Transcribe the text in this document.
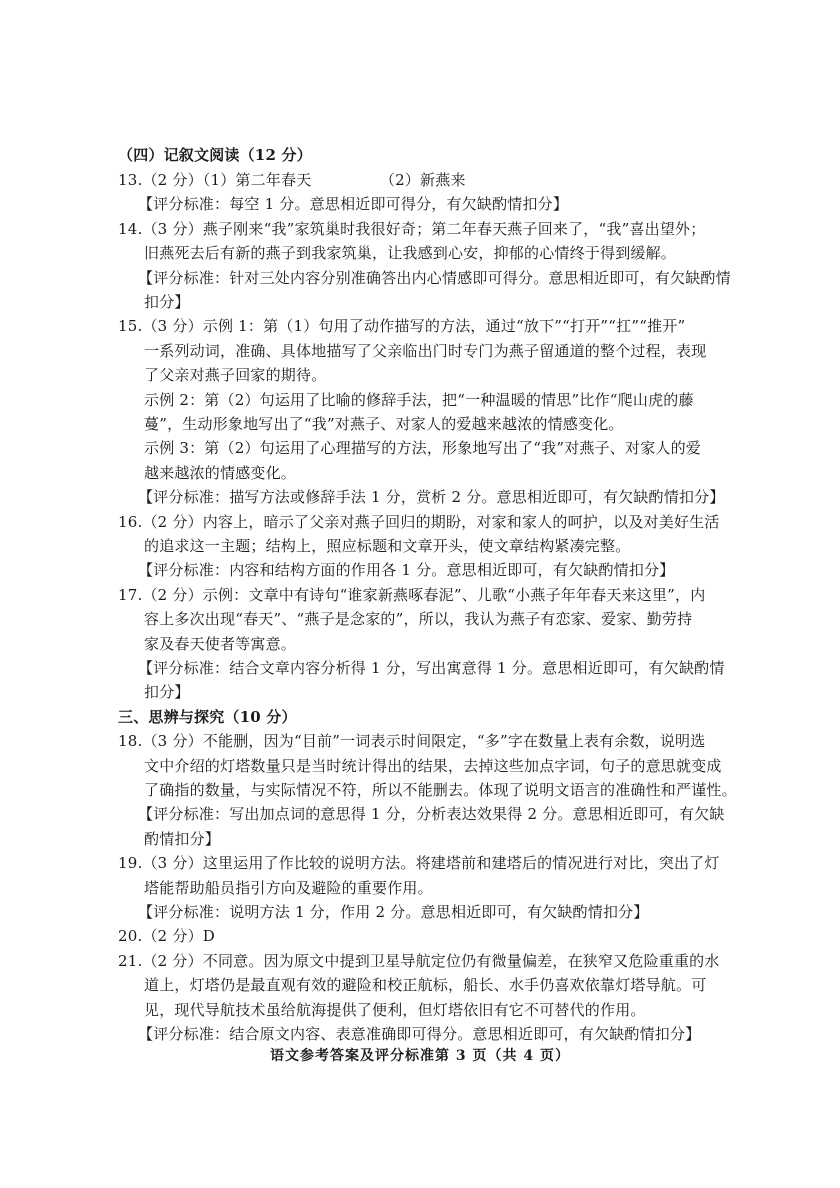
（四）记叙文阅读（12 分）
13.（2 分）（1）第二年春天　　　　　（2）新燕来
【评分标准：每空 1 分。意思相近即可得分，有欠缺酌情扣分】
14.（3 分）燕子刚来“我”家筑巢时我很好奇；第二年春天燕子回来了，“我”喜出望外；
旧燕死去后有新的燕子到我家筑巢，让我感到心安，抑郁的心情终于得到缓解。
【评分标准：针对三处内容分别准确答出内心情感即可得分。意思相近即可，有欠缺酌情
扣分】
15.（3 分）示例 1：第（1）句用了动作描写的方法，通过“放下”“打开”“扛”“推开”
一系列动词，准确、具体地描写了父亲临出门时专门为燕子留通道的整个过程，表现
了父亲对燕子回家的期待。
示例 2：第（2）句运用了比喻的修辞手法，把“一种温暖的情思”比作“爬山虎的藤
蔓”，生动形象地写出了“我”对燕子、对家人的爱越来越浓的情感变化。
示例 3：第（2）句运用了心理描写的方法，形象地写出了“我”对燕子、对家人的爱
越来越浓的情感变化。
【评分标准：描写方法或修辞手法 1 分，赏析 2 分。意思相近即可，有欠缺酌情扣分】
16.（2 分）内容上，暗示了父亲对燕子回归的期盼，对家和家人的呵护，以及对美好生活
的追求这一主题；结构上，照应标题和文章开头，使文章结构紧凑完整。
【评分标准：内容和结构方面的作用各 1 分。意思相近即可，有欠缺酌情扣分】
17.（2 分）示例：文章中有诗句“谁家新燕啄春泥”、儿歌“小燕子年年春天来这里”，内
容上多次出现“春天”、“燕子是念家的”，所以，我认为燕子有恋家、爱家、勤劳持
家及春天使者等寓意。
【评分标准：结合文章内容分析得 1 分，写出寓意得 1 分。意思相近即可，有欠缺酌情
扣分】
三、思辨与探究（10 分）
18.（3 分）不能删，因为“目前”一词表示时间限定，“多”字在数量上表有余数，说明选
文中介绍的灯塔数量只是当时统计得出的结果，去掉这些加点字词，句子的意思就变成
了确指的数量，与实际情况不符，所以不能删去。体现了说明文语言的准确性和严谨性。
【评分标准：写出加点词的意思得 1 分，分析表达效果得 2 分。意思相近即可，有欠缺
酌情扣分】
19.（3 分）这里运用了作比较的说明方法。将建塔前和建塔后的情况进行对比，突出了灯
塔能帮助船员指引方向及避险的重要作用。
【评分标准：说明方法 1 分，作用 2 分。意思相近即可，有欠缺酌情扣分】
20.（2 分）D
21.（2 分）不同意。因为原文中提到卫星导航定位仍有微量偏差，在狭窄又危险重重的水
道上，灯塔仍是最直观有效的避险和校正航标，船长、水手仍喜欢依靠灯塔导航。可
见，现代导航技术虽给航海提供了便利，但灯塔依旧有它不可替代的作用。
【评分标准：结合原文内容、表意准确即可得分。意思相近即可，有欠缺酌情扣分】
语文参考答案及评分标准第 3 页（共 4 页）
